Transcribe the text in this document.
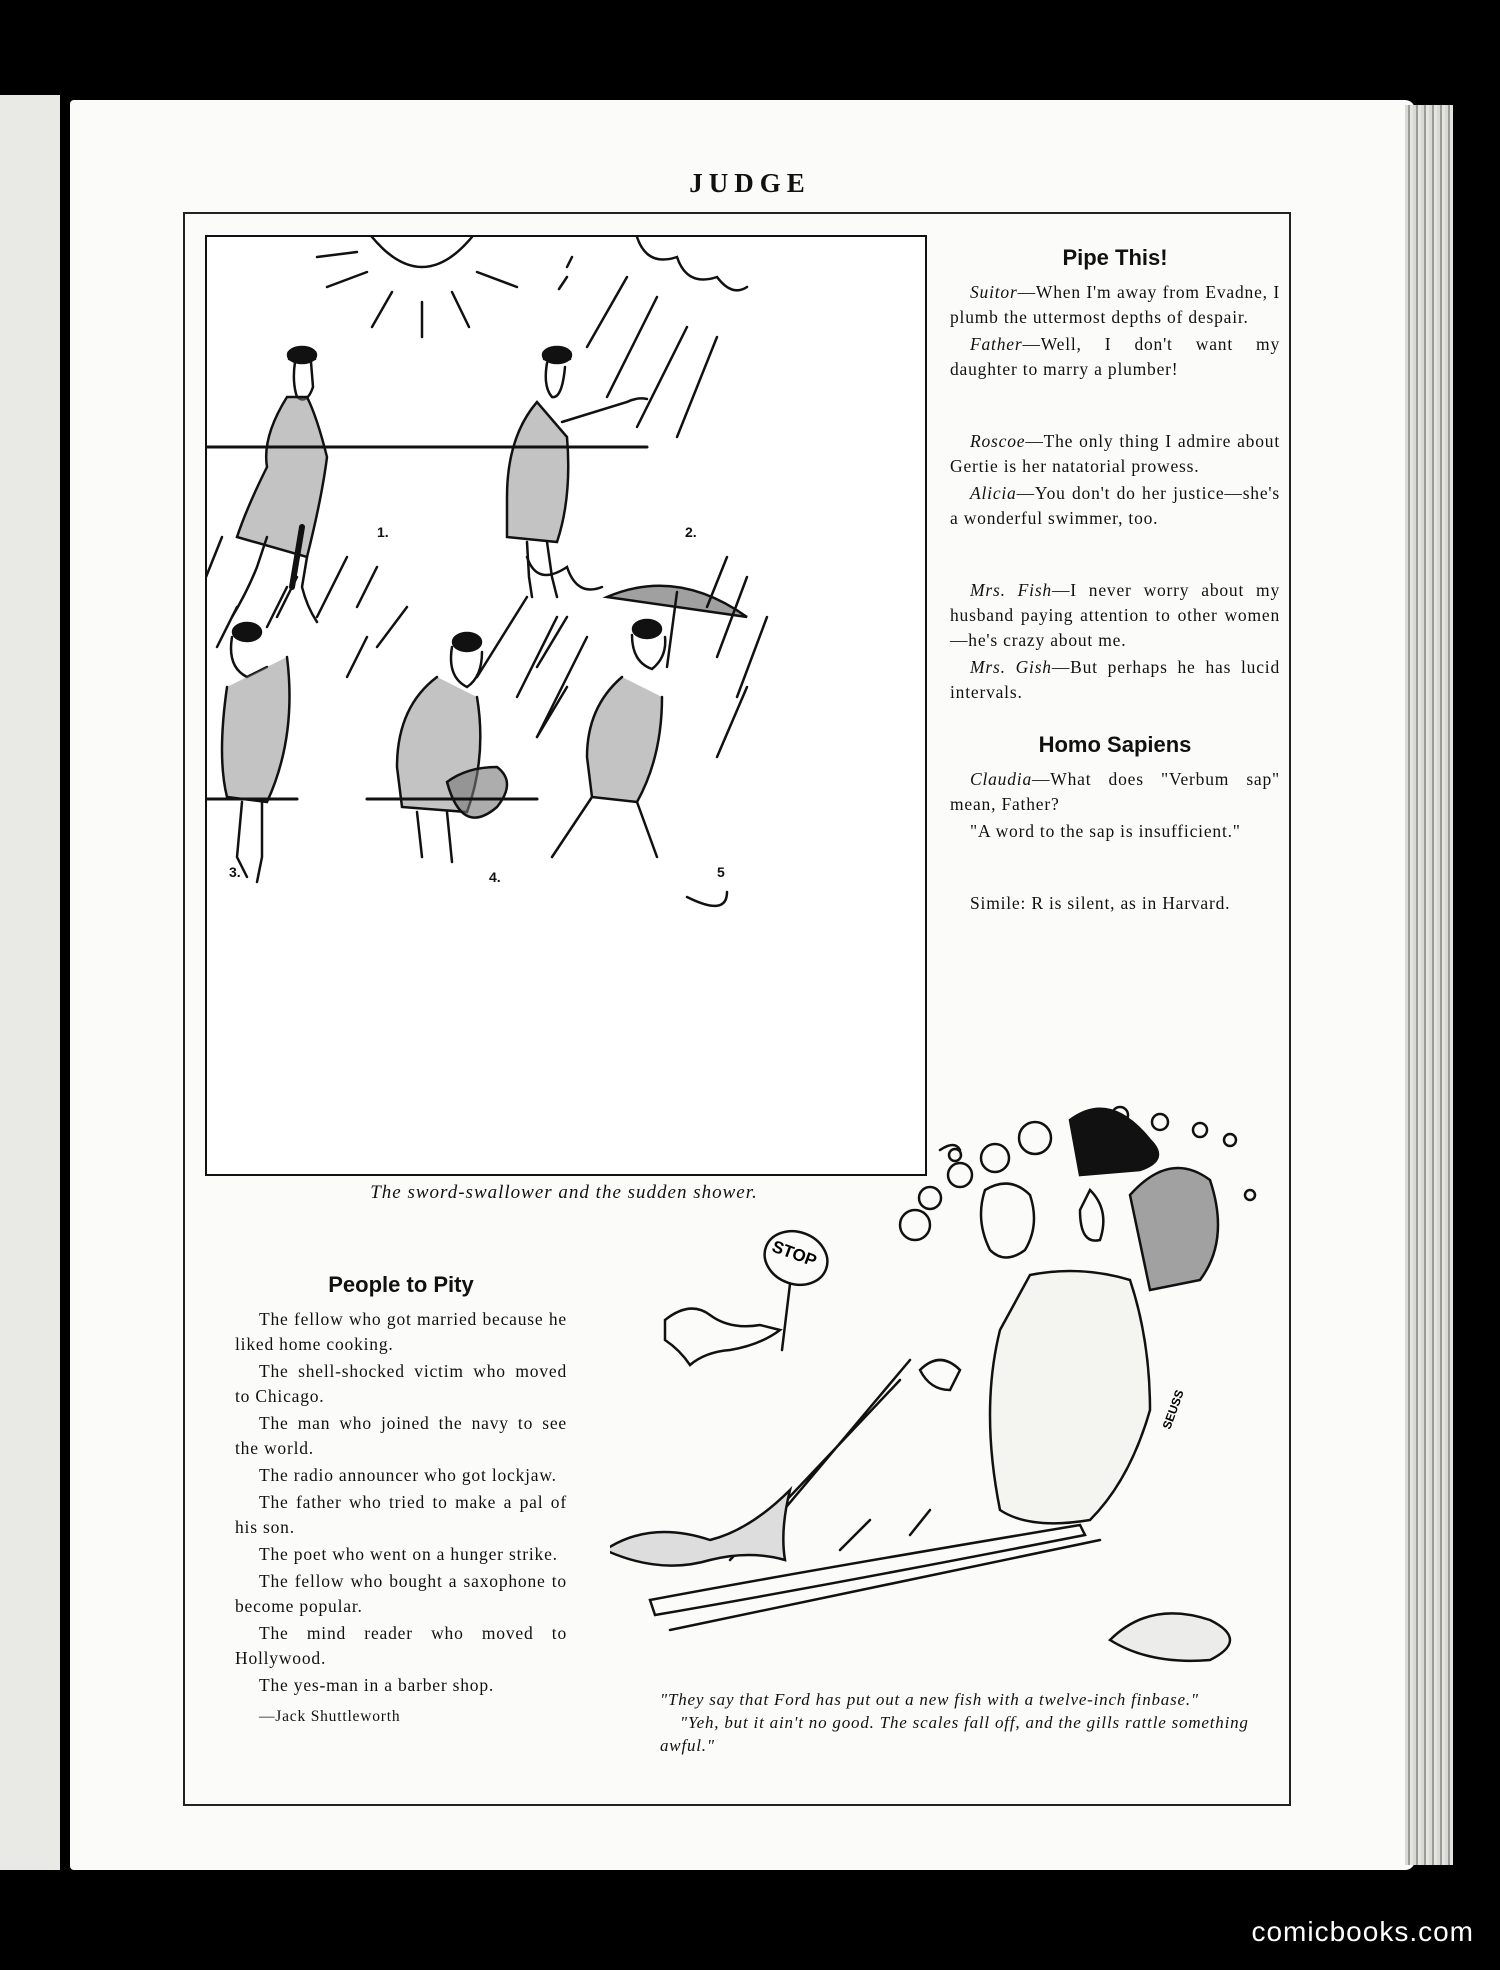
JUDGE
1.	2.
3.	4.	5
The sword-swallower and the sudden shower.
Pipe This!

Suitor—When I'm away from Evadne, I plumb the uttermost depths of despair.

Father—Well, I don't want my daughter to marry a plumber!

Roscoe—The only thing I admire about Gertie is her natatorial prowess.

Alicia—You don't do her justice—she's a wonderful swimmer, too.

Mrs. Fish—I never worry about my husband paying attention to other women—he's crazy about me.

Mrs. Gish—But perhaps he has lucid intervals.

Homo Sapiens

Claudia—What does "Verbum sap" mean, Father?

"A word to the sap is insufficient."

Simile: R is silent, as in Harvard.

People to Pity

The fellow who got married because he liked home cooking.

The shell-shocked victim who moved to Chicago.

The man who joined the navy to see the world.

The radio announcer who got lockjaw.

The father who tried to make a pal of his son.

The poet who went on a hunger strike.

The fellow who bought a saxophone to become popular.

The mind reader who moved to Hollywood.

The yes-man in a barber shop.

—Jack Shuttleworth

STOP
SEUSS

"They say that Ford has put out a new fish with a twelve-inch finbase."

"Yeh, but it ain't no good. The scales fall off, and the gills rattle something awful."

comicbooks.com
